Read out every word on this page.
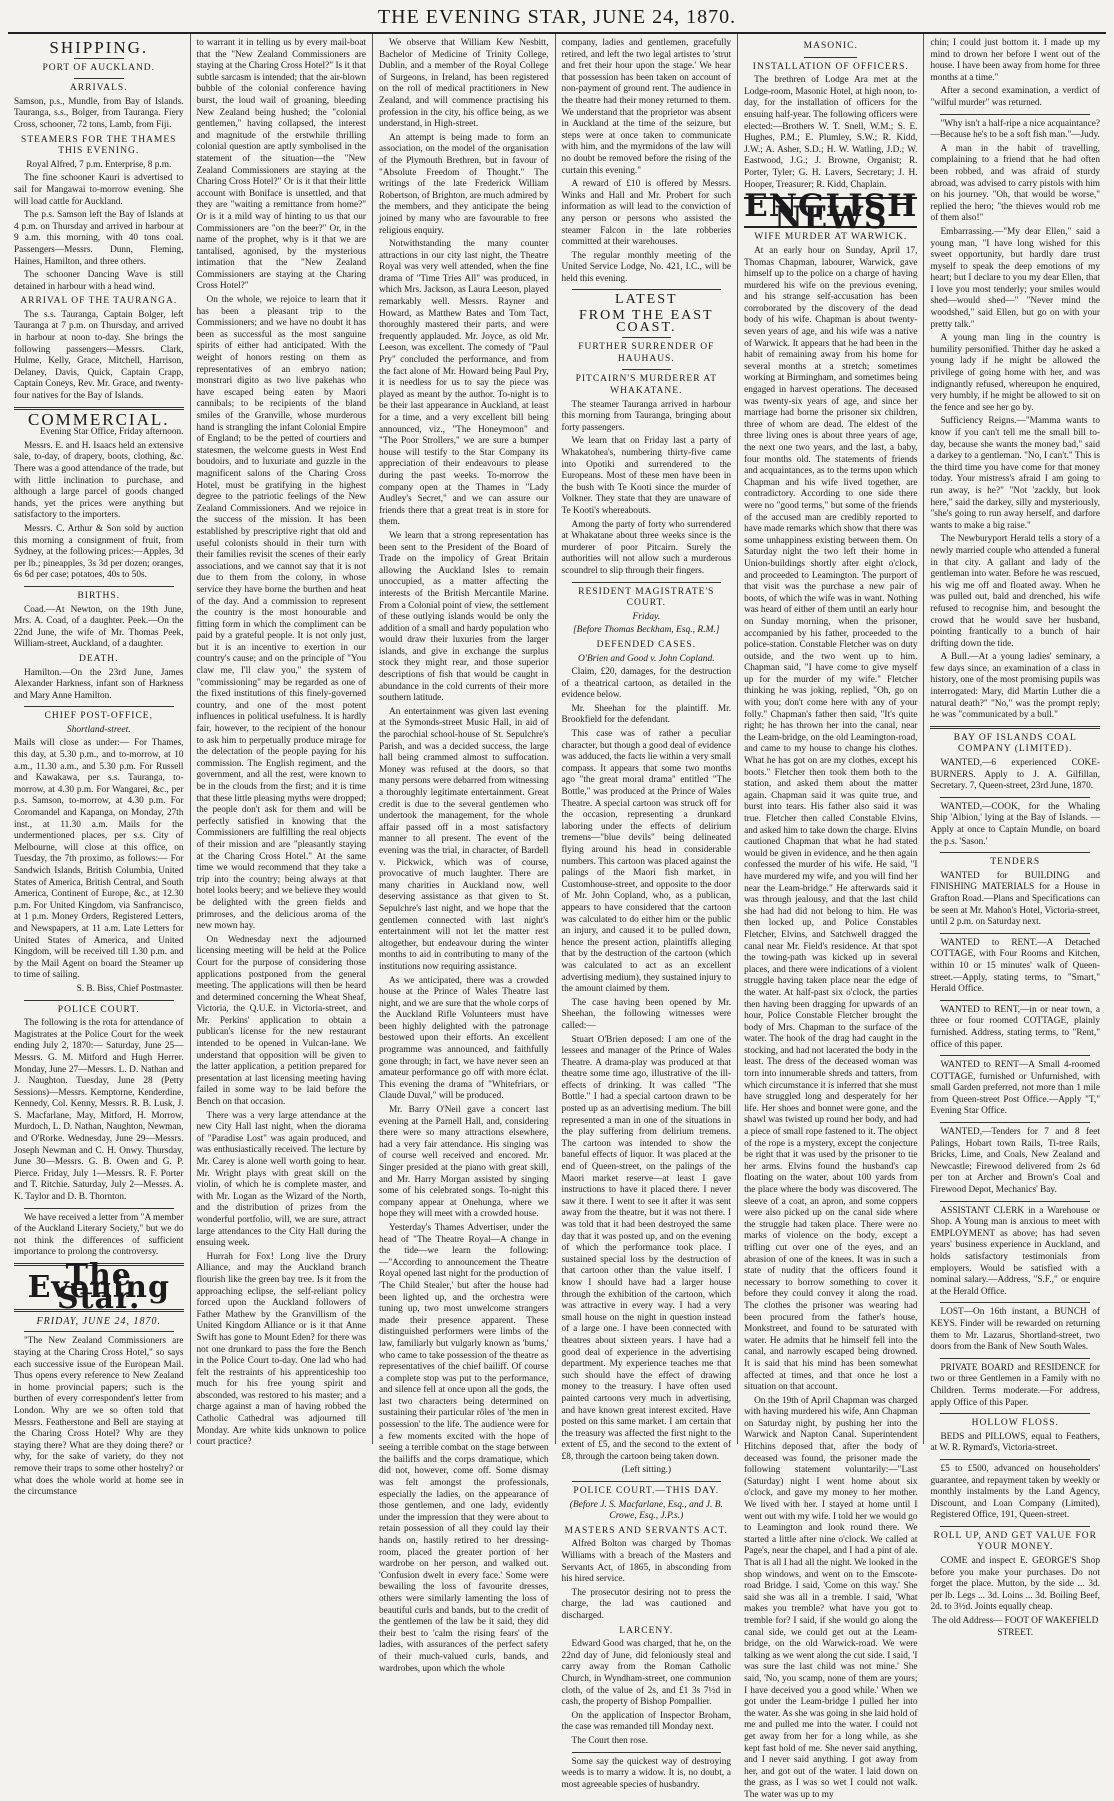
THE EVENING STAR, JUNE 24, 1870.
SHIPPING.
PORT OF AUCKLAND.
ARRIVALS.

Samson, p.s., Mundle, from Bay of Islands. Tauranga, s.s., Bolger, from Tauranga. Fiery Cross, schooner, 72 tons, Lamb, from Fiji.

STEAMERS FOR THE THAMES THIS EVENING.

Royal Alfred, 7 p.m. Enterprise, 8 p.m.

The fine schooner Kauri is advertised to sail for Mangawai to-morrow evening. She will load cattle for Auckland.

The p.s. Samson left the Bay of Islands at 4 p.m. on Thursday and arrived in harbour at 9 a.m. this morning, with 40 tons coal. Passengers—Messrs. Dunn, Fleming, Haines, Hamilton, and three others.

The schooner Dancing Wave is still detained in harbour with a head wind.

ARRIVAL OF THE TAURANGA.

The s.s. Tauranga, Captain Bolger, left Tauranga at 7 p.m. on Thursday, and arrived in harbour at noon to-day. She brings the following passengers—Messrs. Clark, Hulme, Kelly, Grace, Mitchell, Harrison, Delaney, Davis, Quick, Captain Crapp, Captain Coneys, Rev. Mr. Grace, and twenty-four natives for the Bay of Islands.

COMMERCIAL.

Evening Star Office, Friday afternoon.

Messrs. E. and H. Isaacs held an extensive sale, to-day, of drapery, boots, clothing, &c. There was a good attendance of the trade, but with little inclination to purchase, and although a large parcel of goods changed hands, yet the prices were anything but satisfactory to the importers.

Messrs. C. Arthur & Son sold by auction this morning a consignment of fruit, from Sydney, at the following prices:—Apples, 3d per lb.; pineapples, 3s 3d per dozen; oranges, 6s 6d per case; potatoes, 40s to 50s.

BIRTHS.

Coad.—At Newton, on the 19th June, Mrs. A. Coad, of a daughter. Peek.—On the 22nd June, the wife of Mr. Thomas Peek, William-street, Auckland, of a daughter.

DEATH.

Hamilton.—On the 23rd June, James Alexander Harkness, infant son of Harkness and Mary Anne Hamilton.

CHIEF POST-OFFICE,
Shortland-street.

Mails will close as under:— For Thames, this day, at 5.30 p.m., and to-morrow, at 10 a.m., 11.30 a.m., and 5.30 p.m. For Russell and Kawakawa, per s.s. Tauranga, to-morrow, at 4.30 p.m. For Wangarei, &c., per p.s. Samson, to-morrow, at 4.30 p.m. For Coromandel and Kapanga, on Monday, 27th inst., at 11.30 a.m. Mails for the undermentioned places, per s.s. City of Melbourne, will close at this office, on Tuesday, the 7th proximo, as follows:— For Sandwich Islands, British Columbia, United States of America, British Central, and South America, Continent of Europe, &c., at 12.30 p.m. For United Kingdom, via Sanfrancisco, at 1 p.m. Money Orders, Registered Letters, and Newspapers, at 11 a.m. Late Letters for United States of America, and United Kingdom, will be received till 1.30 p.m. and by the Mail Agent on board the Steamer up to time of sailing.

S. B. Biss, Chief Postmaster.

POLICE COURT.

The following is the rota for attendance of Magistrates at the Police Court for the week ending July 2, 1870:— Saturday, June 25—Messrs. G. M. Mitford and Hugh Herrer. Monday, June 27—Messrs. L. D. Nathan and J. Naughton. Tuesday, June 28 (Petty Sessions)—Messrs. Kemptorne, Kenderdine, Kennedy, Col. Kenny, Messrs. R. B. Lusk, J. S. Macfarlane, May, Mitford, H. Morrow, Murdoch, L. D. Nathan, Naughton, Newman, and O'Rorke. Wednesday, June 29—Messrs. Joseph Newman and C. H. Onwy. Thursday, June 30—Messrs. G. B. Owen and G. P. Pierce. Friday, July 1—Messrs. R. F. Porter and T. Ritchie. Saturday, July 2—Messrs. A. K. Taylor and D. B. Thornton.

We have received a letter from "A member of the Auckland Literary Society," but we do not think the differences of sufficient importance to prolong the controversy.

The Evening Star.
FRIDAY, JUNE 24, 1870.

"The New Zealand Commissioners are staying at the Charing Cross Hotel," so says each successive issue of the European Mail. Thus opens every reference to New Zealand in home provincial papers; such is the burthen of every correspondent's letter from London. Why are we so often told that Messrs. Featherstone and Bell are staying at the Charing Cross Hotel? Why are they staying there? What are they doing there? or why, for the sake of variety, do they not remove their traps to some other hostelry? or what does the whole world at home see in the circumstance

to warrant it in telling us by every mail-boat that the "New Zealand Commissioners are staying at the Charing Cross Hotel?" Is it that subtle sarcasm is intended; that the air-blown bubble of the colonial conference having burst, the loud wail of groaning, bleeding New Zealand being hushed; the "colonial gentlemen," having collapsed, the interest and magnitude of the erstwhile thrilling colonial question are aptly symbolised in the statement of the situation—the "New Zealand Commissioners are staying at the Charing Cross Hotel?" Or is it that their little account with Boniface is unsettled, and that they are "waiting a remittance from home?" Or is it a mild way of hinting to us that our Commissioners are "on the beer?" Or, in the name of the prophet, why is it that we are tantalised, agonised, by the mysterious intimation that the "New Zealand Commissioners are staying at the Charing Cross Hotel?"

On the whole, we rejoice to learn that it has been a pleasant trip to the Commissioners; and we have no doubt it has been as successful as the most sanguine spirits of either had anticipated. With the weight of honors resting on them as representatives of an embryo nation; monstrari digito as two live pakehas who have escaped being eaten by Maori cannibals; to be recipients of the bland smiles of the Granville, whose murderous hand is strangling the infant Colonial Empire of England; to be the petted of courtiers and statesmen, the welcome guests in West End boudoirs, and to luxuriate and guzzle in the magnificent salons of the Charing Cross Hotel, must be gratifying in the highest degree to the patriotic feelings of the New Zealand Commissioners. And we rejoice in the success of the mission. It has been established by prescriptive right that old and useful colonists should in their turn with their families revisit the scenes of their early associations, and we cannot say that it is not due to them from the colony, in whose service they have borne the burthen and heat of the day. And a commission to represent the country is the most honourable and fitting form in which the compliment can be paid by a grateful people. It is not only just, but it is an incentive to exertion in our country's cause; and on the principle of "You claw me, I'll claw you," the system of "commissioning" may be regarded as one of the fixed institutions of this finely-governed country, and one of the most potent influences in political usefulness. It is hardly fair, however, to the recipient of the honour to ask him to perpetually produce mirage for the delectation of the people paying for his commission. The English regiment, and the government, and all the rest, were known to be in the clouds from the first; and it is time that these little pleasing myths were dropped; the people don't ask for them and will be perfectly satisfied in knowing that the Commissioners are fulfilling the real objects of their mission and are "pleasantly staying at the Charing Cross Hotel." At the same time we would recommend that they take a trip into the country; being always at that hotel looks beery; and we believe they would be delighted with the green fields and primroses, and the delicious aroma of the new mown hay.

On Wednesday next the adjourned licensing meeting will be held at the Police Court for the purpose of considering those applications postponed from the general meeting. The applications will then be heard and determined concerning the Wheat Sheaf, Victoria, the Q.U.E. in Victoria-street, and Mr. Perkins' application to obtain a publican's license for the new restaurant intended to be opened in Vulcan-lane. We understand that opposition will be given to the latter application, a petition prepared for presentation at last licensing meeting having failed in some way to be laid before the Bench on that occasion.

There was a very large attendance at the new City Hall last night, when the diorama of "Paradise Lost" was again produced, and was enthusiastically received. The lecture by Mr. Carey is alone well worth going to hear. Mr. Wright plays with great skill on the violin, of which he is complete master, and with Mr. Logan as the Wizard of the North, and the distribution of prizes from the wonderful portfolio, will, we are sure, attract large attendances to the City Hall during the ensuing week.

Hurrah for Fox! Long live the Drury Alliance, and may the Auckland branch flourish like the green bay tree. Is it from the approaching eclipse, the self-reliant policy forced upon the Auckland followers of Father Mathew by the Granvillism of the United Kingdom Alliance or is it that Anne Swift has gone to Mount Eden? for there was not one drunkard to pass the fore the Bench in the Police Court to-day. One lad who had felt the restraints of his apprenticeship too much for his free young spirit and absconded, was restored to his master; and a charge against a man of having robbed the Catholic Cathedral was adjourned till Monday. Are white kids unknown to police court practice?

We observe that William Kew Nesbitt, Bachelor of Medicine of Trinity College, Dublin, and a member of the Royal College of Surgeons, in Ireland, has been registered on the roll of medical practitioners in New Zealand, and will commence practising his profession in the city, his office being, as we understand, in High-street.

An attempt is being made to form an association, on the model of the organisation of the Plymouth Brethren, but in favour of "Absolute Freedom of Thought." The writings of the late Frederick William Robertson, of Brighton, are much admired by the members, and they anticipate the being joined by many who are favourable to free religious enquiry.

Notwithstanding the many counter attractions in our city last night, the Theatre Royal was very well attended, when the fine drama of "Time Tries All" was produced, in which Mrs. Jackson, as Laura Leeson, played remarkably well. Messrs. Rayner and Howard, as Matthew Bates and Tom Tact, thoroughly mastered their parts, and were frequently applauded. Mr. Joyce, as old Mr. Leeson, was excellent. The comedy of "Paul Pry" concluded the performance, and from the fact alone of Mr. Howard being Paul Pry, it is needless for us to say the piece was played as meant by the author. To-night is to be their last appearance in Auckland, at least for a time, and a very excellent bill being announced, viz., "The Honeymoon" and "The Poor Strollers," we are sure a bumper house will testify to the Star Company its appreciation of their endeavours to please during the past weeks. To-morrow the company open at the Thames in "Lady Audley's Secret," and we can assure our friends there that a great treat is in store for them.

We learn that a strong representation has been sent to the President of the Board of Trade on the impolicy of Great Britain allowing the Auckland Isles to remain unoccupied, as a matter affecting the interests of the British Mercantile Marine. From a Colonial point of view, the settlement of these outlying islands would be only the addition of a small and hardy population who would draw their luxuries from the larger islands, and give in exchange the surplus stock they might rear, and those superior descriptions of fish that would be caught in abundance in the cold currents of their more southern latitude.

An entertainment was given last evening at the Symonds-street Music Hall, in aid of the parochial school-house of St. Sepulchre's Parish, and was a decided success, the large hall being crammed almost to suffocation. Money was refused at the doors, so that many persons were debarred from witnessing a thoroughly legitimate entertainment. Great credit is due to the several gentlemen who undertook the management, for the whole affair passed off in a most satisfactory manner to all present. The event of the evening was the trial, in character, of Bardell v. Pickwick, which was of course, provocative of much laughter. There are many charities in Auckland now, well deserving assistance as that given to St. Sepulchre's last night, and we hope that the gentlemen connected with last night's entertainment will not let the matter rest altogether, but endeavour during the winter months to aid in contributing to many of the institutions now requiring assistance.

As we anticipated, there was a crowded house at the Prince of Wales Theatre last night, and we are sure that the whole corps of the Auckland Rifle Volunteers must have been highly delighted with the patronage bestowed upon their efforts. An excellent programme was announced, and faithfully gone through; in fact, we have never seen an amateur performance go off with more éclat. This evening the drama of "Whitefriars, or Claude Duval," will be produced.

Mr. Barry O'Neil gave a concert last evening at the Parnell Hall, and, considering there were so many attractions elsewhere, had a very fair attendance. His singing was of course well received and encored. Mr. Singer presided at the piano with great skill, and Mr. Harry Morgan assisted by singing some of his celebrated songs. To-night this company appear at Onehunga, where we hope they will meet with a crowded house.

Yesterday's Thames Advertiser, under the head of "The Theatre Royal—A change in the tide—we learn the following:—"According to announcement the Theatre Royal opened last night for the production of 'The Child Stealer,' but after the house had been lighted up, and the orchestra were tuning up, two most unwelcome strangers made their presence apparent. These distinguished performers were limbs of the law, familiarly but vulgarly known as 'bums,' who came to take possession of the theatre as representatives of the chief bailiff. Of course a complete stop was put to the performance, and silence fell at once upon all the gods, the last two characters being determined on sustaining their particular rôles of 'the men in possession' to the life. The audience were for a few moments excited with the hope of seeing a terrible combat on the stage between the bailiffs and the corps dramatique, which did not, however, come off. Some dismay was felt amongst the professionals, especially the ladies, on the appearance of those gentlemen, and one lady, evidently under the impression that they were about to retain possession of all they could lay their hands on, hastily retired to her dressing-room, placed the greater portion of her wardrobe on her person, and walked out. 'Confusion dwelt in every face.' Some were bewailing the loss of favourite dresses, others were similarly lamenting the loss of beautiful curls and bands, but to the credit of the gentlemen of the law be it said, they did their best to 'calm the rising fears' of the ladies, with assurances of the perfect safety of their much-valued curls, bands, and wardrobes, upon which the whole

company, ladies and gentlemen, gracefully retired, and left the two legal artistes to 'strut and fret their hour upon the stage.' We hear that possession has been taken on account of non-payment of ground rent. The audience in the theatre had their money returned to them. We understand that the proprietor was absent in Auckland at the time of the seizure, but steps were at once taken to communicate with him, and the myrmidons of the law will no doubt be removed before the rising of the curtain this evening."

A reward of £10 is offered by Messrs. Winks and Hall and Mr. Probert for such information as will lead to the conviction of any person or persons who assisted the steamer Falcon in the late robberies committed at their warehouses.

The regular monthly meeting of the United Service Lodge, No. 421, I.C., will be held this evening.

LATEST
FROM THE EAST COAST.
FURTHER SURRENDER OF HAUHAUS.
PITCAIRN'S MURDERER AT WHAKATANE.

The steamer Tauranga arrived in harbour this morning from Tauranga, bringing about forty passengers.

We learn that on Friday last a party of Whakatohea's, numbering thirty-five came into Opotiki and surrendered to the Europeans. Most of these men have been in the bush with Te Kooti since the murder of Volkner. They state that they are unaware of Te Kooti's whereabouts.

Among the party of forty who surrendered at Whakatane about three weeks since is the murderer of poor Pitcairn. Surely the authorities will not allow such a murderous scoundrel to slip through their fingers.

RESIDENT MAGISTRATE'S COURT.
Friday.
[Before Thomas Beckham, Esq., R.M.]
DEFENDED CASES.
O'Brien and Good v. John Copland.

Claim, £20, damages, for the destruction of a theatrical cartoon, as detailed in the evidence below.

Mr. Sheehan for the plaintiff. Mr. Brookfield for the defendant.

This case was of rather a peculiar character, but though a good deal of evidence was adduced, the facts lie within a very small compass. It appears that some two months ago "the great moral drama" entitled "The Bottle," was produced at the Prince of Wales Theatre. A special cartoon was struck off for the occasion, representing a drunkard laboring under the effects of delirium tremens—"blue devils" being delineated flying around his head in considerable numbers. This cartoon was placed against the palings of the Maori fish market, in Customhouse-street, and opposite to the door of Mr. John Copland, who, as a publican, appears to have considered that the cartoon was calculated to do either him or the public an injury, and caused it to be pulled down, hence the present action, plaintiffs alleging that by the destruction of the cartoon (which was calculated to act as an excellent advertising medium), they sustained injury to the amount claimed by them.

The case having been opened by Mr. Sheehan, the following witnesses were called:—

Stuart O'Brien deposed: I am one of the lessees and manager of the Prince of Wales Theatre. A drama-play was produced at that theatre some time ago, illustrative of the ill-effects of drinking. It was called "The Bottle." I had a special cartoon drawn to be posted up as an advertising medium. The bill represented a man in one of the situations in the play suffering from delirium tremens. The cartoon was intended to show the baneful effects of liquor. It was placed at the end of Queen-street, on the palings of the Maori market reserve—at least I gave instructions to have it placed there. I never saw it there. I went to see it after it was sent away from the theatre, but it was not there. I was told that it had been destroyed the same day that it was posted up, and on the evening of which the performance took place. I sustained special loss by the destruction of that cartoon other than the value itself. I know I should have had a larger house through the exhibition of the cartoon, which was attractive in every way. I had a very small house on the night in question instead of a large one. I have been connected with theatres about sixteen years. I have had a good deal of experience in the advertising department. My experience teaches me that such should have the effect of drawing money to the treasury. I have often used painted cartoons very much in advertising, and have known great interest excited. Have posted on this same market. I am certain that the treasury was affected the first night to the extent of £5, and the second to the extent of £8, through the cartoon being taken down.

(Left sitting.)

POLICE COURT.—THIS DAY.
(Before J. S. Macfarlane, Esq., and J. B. Crowe, Esq., J.P.s.)
MASTERS AND SERVANTS ACT.

Alfred Bolton was charged by Thomas Williams with a breach of the Masters and Servants Act, of 1865, in absconding from his hired service.

The prosecutor desiring not to press the charge, the lad was cautioned and discharged.

LARCENY.

Edward Good was charged, that he, on the 22nd day of June, did feloniously steal and carry away from the Roman Catholic Church, in Wyndham-street, one communion cloth, of the value of 2s, and £1 3s 7½d in cash, the property of Bishop Pompallier.

On the application of Inspector Broham, the case was remanded till Monday next.

The Court then rose.

Some say the quickest way of destroying weeds is to marry a widow. It is, no doubt, a most agreeable species of husbandry.

MASONIC.
INSTALLATION OF OFFICERS.

The brethren of Lodge Ara met at the Lodge-room, Masonic Hotel, at high noon, to-day, for the installation of officers for the ensuing half-year. The following officers were elected:—Brothers W. T. Snell, W.M.; S. E. Hughes, P.M.; E. Plumley, S.W.; R. Kidd, J.W.; A. Asher, S.D.; H. W. Watling, J.D.; W. Eastwood, J.G.; J. Browne, Organist; R. Porter, Tyler; G. H. Lavers, Secretary; J. H. Hooper, Treasurer; R. Kidd, Chaplain.

ENGLISH NEWS
WIFE MURDER AT WARWICK.

At an early hour on Sunday, April 17, Thomas Chapman, labourer, Warwick, gave himself up to the police on a charge of having murdered his wife on the previous evening, and his strange self-accusation has been corroborated by the discovery of the dead body of his wife. Chapman is about twenty-seven years of age, and his wife was a native of Warwick. It appears that he had been in the habit of remaining away from his home for several months at a stretch; sometimes working at Birmingham, and sometimes being engaged in harvest operations. The deceased was twenty-six years of age, and since her marriage had borne the prisoner six children, three of whom are dead. The eldest of the three living ones is about three years of age, the next one two years, and the last, a baby, four months old. The statements of friends and acquaintances, as to the terms upon which Chapman and his wife lived together, are contradictory. According to one side there were no "good terms," but some of the friends of the accused man are credibly reported to have made remarks which show that there was some unhappiness existing between them. On Saturday night the two left their home in Union-buildings shortly after eight o'clock, and proceeded to Leamington. The purport of that visit was the purchase a new pair of boots, of which the wife was in want. Nothing was heard of either of them until an early hour on Sunday morning, when the prisoner, accompanied by his father, proceeded to the police-station. Constable Fletcher was on duty outside, and the two went up to him. Chapman said, "I have come to give myself up for the murder of my wife." Fletcher thinking he was joking, replied, "Oh, go on with you; don't come here with any of your folly." Chapman's father then said, "It's quite right; he has thrown her into the canal, near the Leam-bridge, on the old Leamington-road, and came to my house to change his clothes. What he has got on are my clothes, except his boots." Fletcher then took them both to the station, and asked them about the matter again. Chapman said it was quite true, and burst into tears. His father also said it was true. Fletcher then called Constable Elvins, and asked him to take down the charge. Elvins cautioned Chapman that what he had stated would be given in evidence, and he then again confessed the murder of his wife. He said, "I have murdered my wife, and you will find her near the Leam-bridge." He afterwards said it was through jealousy, and that the last child she had had did not belong to him. He was then locked up, and Police Constables Fletcher, Elvins, and Satchwell dragged the canal near Mr. Field's residence. At that spot the towing-path was kicked up in several places, and there were indications of a violent struggle having taken place near the edge of the water. At half-past six o'clock, the parties then having been dragging for upwards of an hour, Police Constable Fletcher brought the body of Mrs. Chapman to the surface of the water. The hook of the drag had caught in the stocking, and had not lacerated the body in the least. The dress of the deceased woman was torn into innumerable shreds and tatters, from which circumstance it is inferred that she must have struggled long and desperately for her life. Her shoes and bonnet were gone, and the shawl was twisted up round her body, and had a piece of small rope fastened to it. The object of the rope is a mystery, except the conjecture be right that it was used by the prisoner to tie her arms. Elvins found the husband's cap floating on the water, about 100 yards from the place where the body was discovered. The sleeve of a coat, an apron, and some coppers were also picked up on the canal side where the struggle had taken place. There were no marks of violence on the body, except a trifling cut over one of the eyes, and an abrasion of one of the knees. It was in such a state of nudity that the officers found it necessary to borrow something to cover it before they could convey it along the road. The clothes the prisoner was wearing had been procured from the father's house, Monkstreet, and found to be saturated with water. He admits that he himself fell into the canal, and narrowly escaped being drowned. It is said that his mind has been somewhat affected at times, and that once he lost a situation on that account.

On the 19th of April Chapman was charged with having murdered his wife, Ann Chapman on Saturday night, by pushing her into the Warwick and Napton Canal. Superintendent Hitchins deposed that, after the body of deceased was found, the prisoner made the following statement voluntarily:—"Last (Saturday) night I went home about six o'clock, and gave my money to her mother. We lived with her. I stayed at home until I went out with my wife. I told her we would go to Leamington and look round there. We started a little after nine o'clock. We called at Page's, near the chapel, and I had a pint of ale. That is all I had all the night. We looked in the shop windows, and went on to the Emscote-road Bridge. I said, 'Come on this way.' She said she was all in a tremble. I said, 'What makes you tremble? what have you got to tremble for? I said, if she would go along the canal side, we could get out at the Leam-bridge, on the old Warwick-road. We were talking as we went along the cut side. I said, 'I was sure the last child was not mine.' She said, 'No, you scamp, none of them are yours; I have deceived you a good while.' When we got under the Leam-bridge I pulled her into the water. As she was going in she laid hold of me and pulled me into the water. I could not get away from her for a long while, as she kept fast hold of me. She never said anything, and I never said anything. I got away from her, and got out of the water. I laid down on the grass, as I was so wet I could not walk. The water was up to my

chin; I could just bottom it. I made up my mind to drown her before I went out of the house. I have been away from home for three months at a time."

After a second examination, a verdict of "wilful murder" was returned.

"Why isn't a half-ripe a nice acquaintance?—Because he's to be a soft fish man."—Judy.

A man in the habit of travelling, complaining to a friend that he had often been robbed, and was afraid of sturdy abroad, was advised to carry pistols with him on his journey. "Oh, that would be worse," replied the hero; "the thieves would rob me of them also!"

Embarrassing.—"My dear Ellen," said a young man, "I have long wished for this sweet opportunity, but hardly dare trust myself to speak the deep emotions of my heart; but I declare to you my dear Ellen, that I love you most tenderly; your smiles would shed—would shed—" "Never mind the woodshed," said Ellen, but go on with your pretty talk."

A young man ling in the country is humility personified. Thither day he asked a young lady if he might be allowed the privilege of going home with her, and was indignantly refused, whereupon he enquired, very humbly, if he might be allowed to sit on the fence and see her go by.

Sufficiency Reigns.—"Mamma wants to know if you can't tell me the small bill to-day, because she wants the money bad," said a darkey to a gentleman. "No, I can't." This is the third time you have come for that money today. Your mistress's afraid I am going to run away, is he?" "Not 'zackly, but look here," said the darkey, silly and mysteriously, "she's going to run away herself, and darfore wants to make a big raise."

The Newburyport Herald tells a story of a newly married couple who attended a funeral in that city. A gallant and lady of the gentleman into water. Before he was rescued, his wig me off and floated away. When he was pulled out, bald and drenched, his wife refused to recognise him, and besought the crowd that he would save her husband, pointing frantically to a bunch of hair drifting down the tide.

A Bull.—At a young ladies' seminary, a few days since, an examination of a class in history, one of the most promising pupils was interrogated: Mary, did Martin Luther die a natural death?" "No," was the prompt reply; he was "communicated by a bull."

BAY OF ISLANDS COAL COMPANY (LIMITED).

WANTED,—6 experienced COKE-BURNERS. Apply to J. A. Gilfillan, Secretary. 7, Queen-street, 23rd June, 1870.

WANTED,—COOK, for the Whaling Ship 'Albion,' lying at the Bay of Islands. —Apply at once to Captain Mundle, on board the p.s. 'Sason.'

TENDERS

WANTED for BUILDING and FINISHING MATERIALS for a House in Grafton Road.—Plans and Specifications can be seen at Mr. Mahon's Hotel, Victoria-street, until 2 p.m. on Saturday next.

WANTED to RENT.—A Detached COTTAGE, with Four Rooms and Kitchen, within 10 or 15 minutes' walk of Queen-street.—Apply, stating terms, to "Smart," Herald Office.

WANTED to RENT,—in or near town, a three or four roomed COTTAGE, plainly furnished. Address, stating terms, to "Rent," office of this paper.

WANTED to RENT—A Small 4-roomed COTTAGE, furnished or Unfurnished, with small Garden preferred, not more than 1 mile from Queen-street Post Office.—Apply "T," Evening Star Office.

WANTED,—Tenders for 7 and 8 feet Palings, Hobart town Rails, Ti-tree Rails, Bricks, Lime, and Coals, New Zealand and Newcastle; Firewood delivered from 2s 6d per ton at Archer and Brown's Coal and Firewood Depot, Mechanics' Bay.

ASSISTANT CLERK in a Warehouse or Shop. A Young man is anxious to meet with EMPLOYMENT as above; has had seven years' business experience in Auckland, and holds satisfactory testimonials from employers. Would be satisfied with a nominal salary.—Address, "S.F.," or enquire at the Herald Office.

LOST—On 16th instant, a BUNCH of KEYS. Finder will be rewarded on returning them to Mr. Lazarus, Shortland-street, two doors from the Bank of New South Wales.

PRIVATE BOARD and RESIDENCE for two or three Gentlemen in a Family with no Children. Terms moderate.—For address, apply Office of this Paper.

HOLLOW FLOSS.

BEDS and PILLOWS, equal to Feathers, at W. R. Rymard's, Victoria-street.

£5 to £500, advanced on householders' guarantee, and repayment taken by weekly or monthly instalments by the Land Agency, Discount, and Loan Company (Limited), Registered Office, 191, Queen-street.

ROLL UP, AND GET VALUE FOR YOUR MONEY.

COME and inspect E. GEORGE'S Shop before you make your purchases. Do not forget the place. Mutton, by the side ... 3d. per lb. Legs ... 3d. Loins ... 3d. Boiling Beef, 2d. to 3½d. Joints equally cheap.

The old Address— FOOT OF WAKEFIELD STREET.
